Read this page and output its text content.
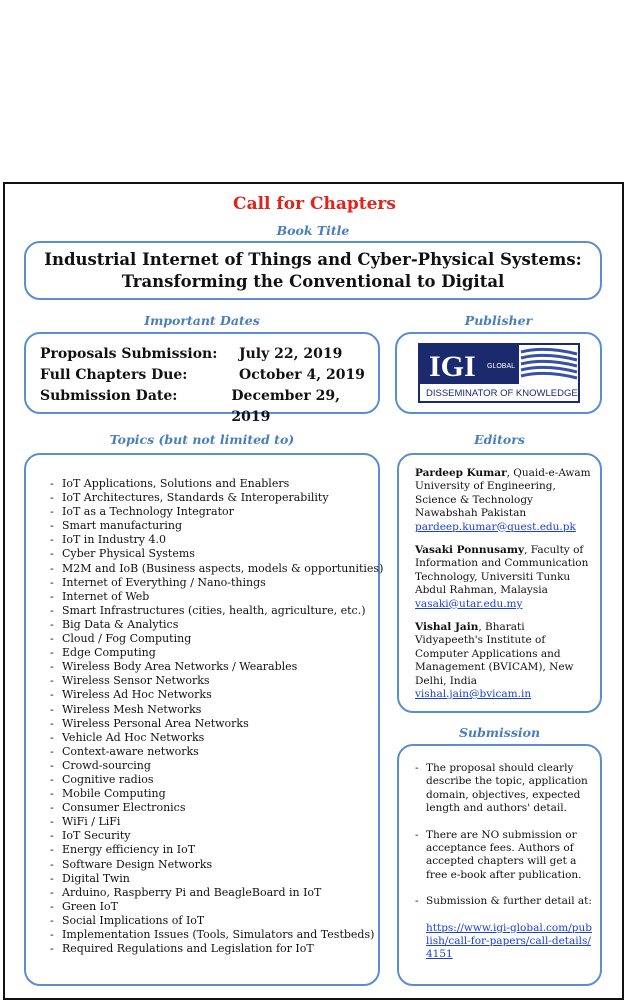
Call for Chapters
Book Title
Industrial Internet of Things and Cyber-Physical Systems:
Transforming the Conventional to Digital
Important Dates	Publisher
Proposals Submission:	July 22, 2019
Full Chapters Due:	October 4, 2019
Submission Date:	December 29, 2019
IGI GLOBAL
DISSEMINATOR OF KNOWLEDGE
Topics (but not limited to)	Editors
- IoT Applications, Solutions and Enablers
- IoT Architectures, Standards & Interoperability
- IoT as a Technology Integrator
- Smart manufacturing
- IoT in Industry 4.0
- Cyber Physical Systems
- M2M and IoB (Business aspects, models & opportunities)
- Internet of Everything / Nano-things
- Internet of Web
- Smart Infrastructures (cities, health, agriculture, etc.)
- Big Data & Analytics
- Cloud / Fog Computing
- Edge Computing
- Wireless Body Area Networks / Wearables
- Wireless Sensor Networks
- Wireless Ad Hoc Networks
- Wireless Mesh Networks
- Wireless Personal Area Networks
- Vehicle Ad Hoc Networks
- Context-aware networks
- Crowd-sourcing
- Cognitive radios
- Mobile Computing
- Consumer Electronics
- WiFi / LiFi
- IoT Security
- Energy efficiency in IoT
- Software Design Networks
- Digital Twin
- Arduino, Raspberry Pi and BeagleBoard in IoT
- Green IoT
- Social Implications of IoT
- Implementation Issues (Tools, Simulators and Testbeds)
- Required Regulations and Legislation for IoT
Pardeep Kumar, Quaid-e-Awam University of Engineering, Science & Technology Nawabshah Pakistan
pardeep.kumar@quest.edu.pk
Vasaki Ponnusamy, Faculty of Information and Communication Technology, Universiti Tunku Abdul Rahman, Malaysia
vasaki@utar.edu.my
Vishal Jain, Bharati Vidyapeeth's Institute of Computer Applications and Management (BVICAM), New Delhi, India
vishal.jain@bvicam.in
Submission
- The proposal should clearly describe the topic, application domain, objectives, expected length and authors' detail.
- There are NO submission or acceptance fees. Authors of accepted chapters will get a free e-book after publication.
- Submission & further detail at:
https://www.igi-global.com/publish/call-for-papers/call-details/4151
